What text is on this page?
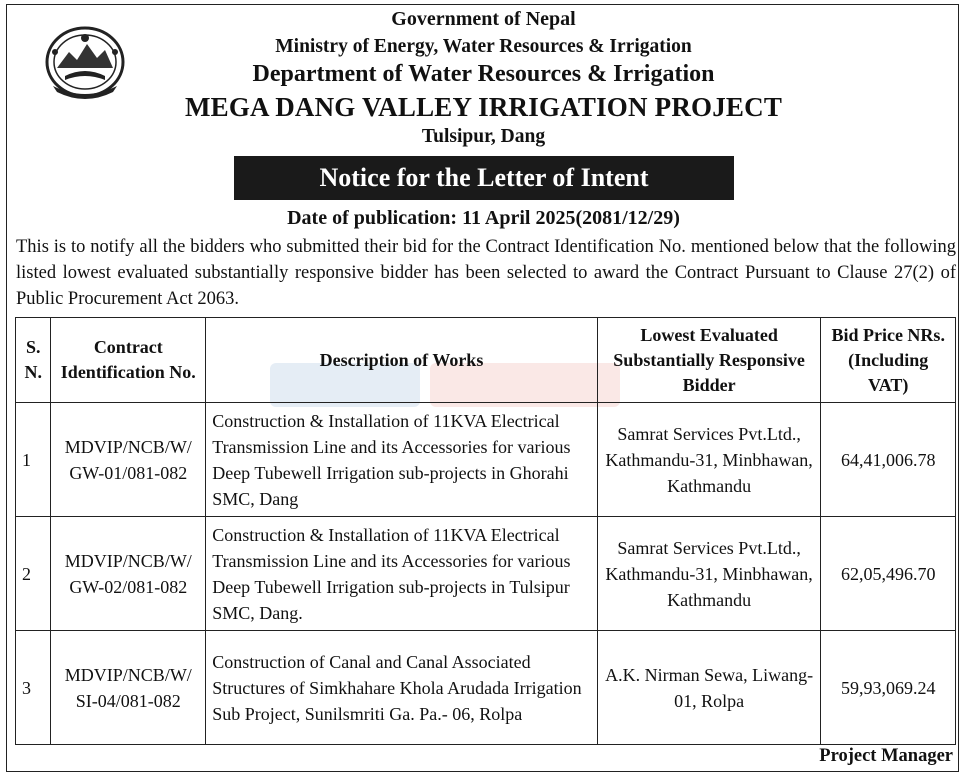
Government of Nepal
Ministry of Energy, Water Resources & Irrigation
Department of Water Resources & Irrigation
MEGA DANG VALLEY IRRIGATION PROJECT
Tulsipur, Dang
Notice for the Letter of Intent
Date of publication: 11 April 2025(2081/12/29)
This is to notify all the bidders who submitted their bid for the Contract Identification No. mentioned below that the following listed lowest evaluated substantially responsive bidder has been selected to award the Contract Pursuant to Clause 27(2) of Public Procurement Act 2063.
S. N.	Contract Identification No.	Description of Works	Lowest Evaluated Substantially Responsive Bidder	Bid Price NRs. (Including VAT)
1	MDVIP/NCB/W/ GW-01/081-082	Construction & Installation of 11KVA Electrical Transmission Line and its Accessories for various Deep Tubewell Irrigation sub-projects in Ghorahi SMC, Dang	Samrat Services Pvt.Ltd., Kathmandu-31, Minbhawan, Kathmandu	64,41,006.78
2	MDVIP/NCB/W/ GW-02/081-082	Construction & Installation of 11KVA Electrical Transmission Line and its Accessories for various Deep Tubewell Irrigation sub-projects in Tulsipur SMC, Dang.	Samrat Services Pvt.Ltd., Kathmandu-31, Minbhawan, Kathmandu	62,05,496.70
3	MDVIP/NCB/W/ SI-04/081-082	Construction of Canal and Canal Associated Structures of Simkhahare Khola Arudada Irrigation Sub Project, Sunilsmriti Ga. Pa.- 06, Rolpa	A.K. Nirman Sewa, Liwang-01, Rolpa	59,93,069.24
Project Manager
